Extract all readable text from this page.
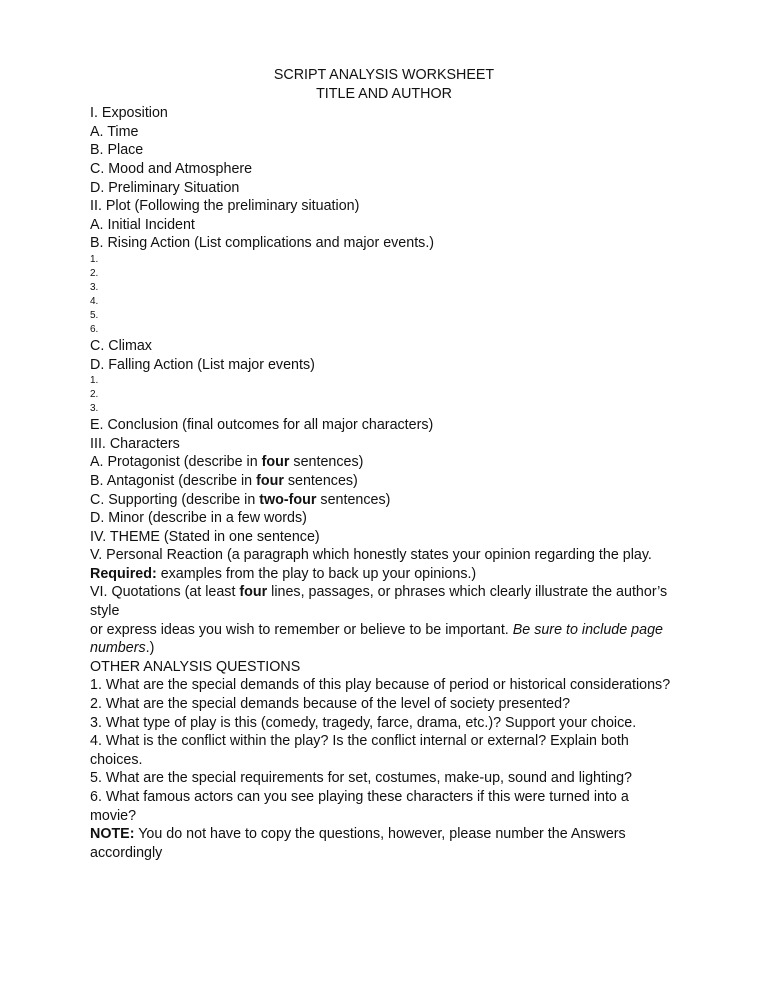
SCRIPT ANALYSIS WORKSHEET
TITLE AND AUTHOR
I. Exposition
A. Time
B. Place
C. Mood and Atmosphere
D. Preliminary Situation
II. Plot (Following the preliminary situation)
A. Initial Incident
B. Rising Action (List complications and major events.)
1.
2.
3.
4.
5.
6.
C. Climax
D. Falling Action (List major events)
1.
2.
3.
E. Conclusion (final outcomes for all major characters)
III. Characters
A. Protagonist (describe in four sentences)
B. Antagonist (describe in four sentences)
C. Supporting (describe in two-four sentences)
D. Minor (describe in a few words)
IV. THEME (Stated in one sentence)
V. Personal Reaction (a paragraph which honestly states your opinion regarding the play.
Required: examples from the play to back up your opinions.)
VI. Quotations (at least four lines, passages, or phrases which clearly illustrate the author’s style
or express ideas you wish to remember or believe to be important. Be sure to include page numbers.)
OTHER ANALYSIS QUESTIONS
1. What are the special demands of this play because of period or historical considerations?
2. What are the special demands because of the level of society presented?
3. What type of play is this (comedy, tragedy, farce, drama, etc.)? Support your choice.
4. What is the conflict within the play? Is the conflict internal or external? Explain both choices.
5. What are the special requirements for set, costumes, make-up, sound and lighting?
6. What famous actors can you see playing these characters if this were turned into a movie?
NOTE: You do not have to copy the questions, however, please number the Answers accordingly
